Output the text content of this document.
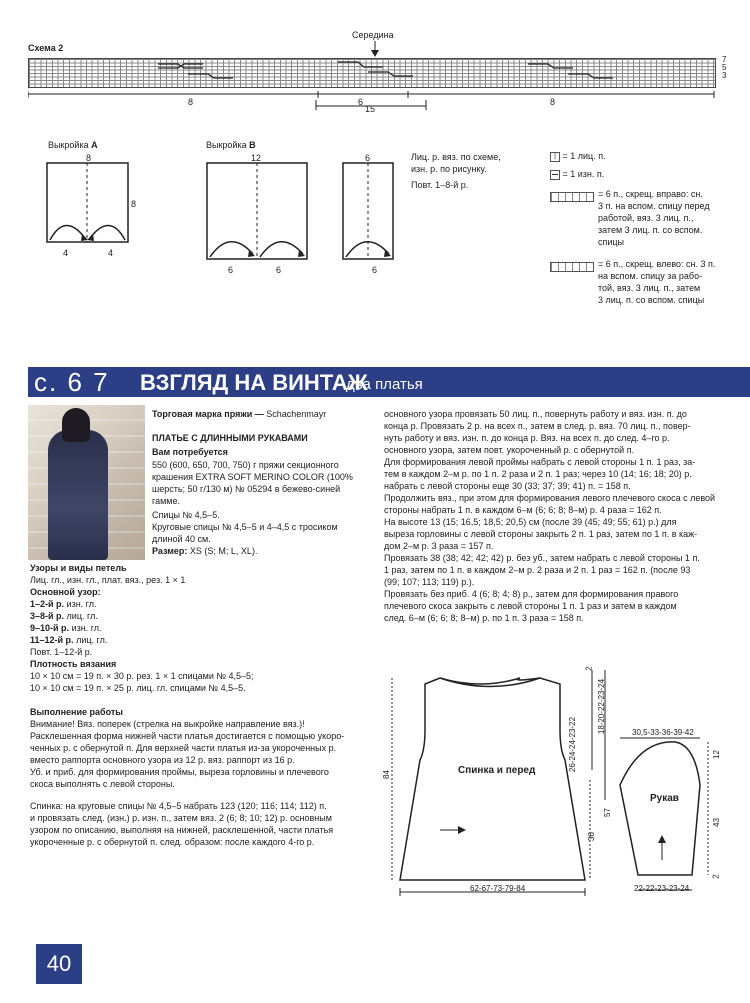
Схема 2
Середина
7
5
3
8	6	8
15
Выкройка A
8
8
4	4
Выкройка B
12	6
6	6	6
Лиц. р. вяз. по схеме,
изн. р. по рисунку.
Повт. 1–8-й р.
| = 1 лиц. п.
= 1 изн. п.
= 6 п., скрещ. вправо: сн.
3 п. на вспом. спицу перед
работой, вяз. 3 лиц. п.,
затем 3 лиц. п. со вспом.
спицы
= 6 п., скрещ. влево: сн. 3 п.
на вспом. спицу за рабо-
той, вяз. 3 лиц. п., затем
3 лиц. п. со вспом. спицы
с. 6 7 ВЗГЛЯД НА ВИНТАЖ
два платья
Торговая марка пряжи — Schachenmayr
ПЛАТЬЕ С ДЛИННЫМИ РУКАВАМИ
Вам потребуется
550 (600, 650, 700, 750) г пряжи секционного
крашения EXTRA SOFT MERINO COLOR (100%
шерсть; 50 г/130 м) № 05294 в бежево-синей
гамме.
Спицы № 4,5–5.
Круговые спицы № 4,5–5 и 4–4,5 с тросиком
длиной 40 см.
Размер: XS (S; M; L, XL).
Узоры и виды петель
Лиц. гл., изн. гл., плат. вяз., рез. 1 × 1
Основной узор:
1–2-й р. изн. гл.
3–8-й р. лиц. гл.
9–10-й р. изн. гл.
11–12-й р. лиц. гл.
Повт. 1–12-й р.
Плотность вязания
10 × 10 см = 19 п. × 30 р. рез. 1 × 1 спицами № 4,5–5;
10 × 10 см = 19 п. × 25 р. лиц. гл. спицами № 4,5–5.
Выполнение работы
Внимание! Вяз. поперек (стрелка на выкройке направление вяз.)!
Расклешенная форма нижней части платья достигается с помощью укоро-
ченных р. с обернутой п. Для верхней части платья из-за укороченных р.
вместо раппорта основного узора из 12 р. вяз. раппорт из 16 р.
Уб. и приб. для формирования проймы, выреза горловины и плечевого
скоса выполнять с левой стороны.
Спинка: на круговые спицы № 4,5–5 набрать 123 (120; 116; 114; 112) п.
и провязать след. (изн.) р. изн. п., затем вяз. 2 (6; 8; 10; 12) р. основным
узором по описанию, выполняя на нижней, расклешенной, части платья
укороченные р. с обернутой п. след. образом: после каждого 4-го р.
основного узора провязать 50 лиц. п., повернуть работу и вяз. изн. п. до
конца р. Провязать 2 р. на всех п., затем в след. р. вяз. 70 лиц. п., повер-
нуть работу и вяз. изн. п. до конца р. Вяз. на всех п. до след. 4–го р.
основного узора, затем повт. укороченный р. с обернутой п.
Для формирования левой проймы набрать с левой стороны 1 п. 1 раз, за-
тем в каждом 2–м р. по 1 п. 2 раза и 2 п. 1 раз; через 10 (14; 16; 18; 20) р.
набрать с левой стороны еще 30 (33; 37; 39; 41) п. = 158 п.
Продолжить вяз., при этом для формирования левого плечевого скоса с левой
стороны набрать 1 п. в каждом 6–м (6; 6; 8; 8–м) р. 4 раза = 162 п.
На высоте 13 (15; 16,5; 18,5; 20,5) см (после 39 (45; 49; 55; 61) р.) для
выреза горловины с левой стороны закрыть 2 п. 1 раз, затем по 1 п. в каж-
дом 2–м р. 3 раза = 157 п.
Провязать 38 (38; 42; 42; 42) р. без уб., затем набрать с левой стороны 1 п.
1 раз, затем по 1 п. в каждом 2–м р. 2 раза и 2 п. 1 раз = 162 п. (после 93
(99; 107; 113; 119) р.).
Провязать без приб. 4 (6; 8; 4; 8) р., затем для формирования правого
плечевого скоса закрыть с левой стороны 1 п. 1 раз и затем в каждом
след. 6–м (6; 6; 8; 8–м) р. по 1 п. 3 раза = 158 п.
Спинка и перед
84
36
62-67-73-79-84
26-24-24-23-22
18-20-22-23-24
2
57
30,5-33-36-39-42
12
Рукав
43
2
22-22-23-23-24
40
